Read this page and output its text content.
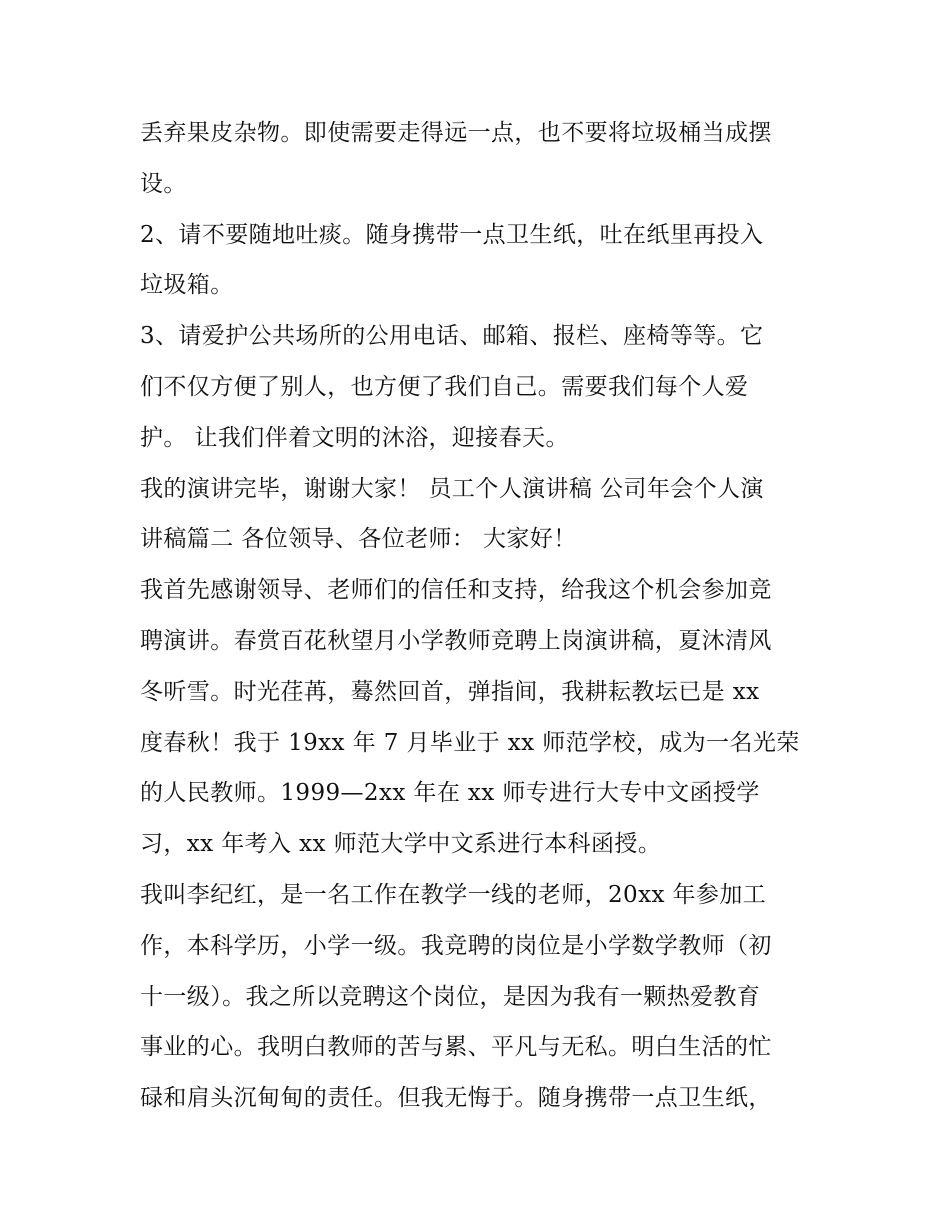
丢弃果皮杂物。即使需要走得远一点，也不要将垃圾桶当成摆
设。
2、请不要随地吐痰。随身携带一点卫生纸，吐在纸里再投入
垃圾箱。
3、请爱护公共场所的公用电话、邮箱、报栏、座椅等等。它
们不仅方便了别人，也方便了我们自己。需要我们每个人爱
护。 让我们伴着文明的沐浴，迎接春天。
我的演讲完毕，谢谢大家！ 员工个人演讲稿 公司年会个人演
讲稿篇二 各位领导、各位老师： 大家好！
我首先感谢领导、老师们的信任和支持，给我这个机会参加竞
聘演讲。春赏百花秋望月小学教师竞聘上岗演讲稿，夏沐清风
冬听雪。时光荏苒，蓦然回首，弹指间，我耕耘教坛已是 xx
度春秋！我于 19xx 年 7 月毕业于 xx 师范学校，成为一名光荣
的人民教师。1999—2xx 年在 xx 师专进行大专中文函授学
习，xx 年考入 xx 师范大学中文系进行本科函授。
我叫李纪红，是一名工作在教学一线的老师，20xx 年参加工
作，本科学历，小学一级。我竞聘的岗位是小学数学教师（初
十一级）。我之所以竞聘这个岗位，是因为我有一颗热爱教育
事业的心。我明白教师的苦与累、平凡与无私。明白生活的忙
碌和肩头沉甸甸的责任。但我无悔于。随身携带一点卫生纸，
